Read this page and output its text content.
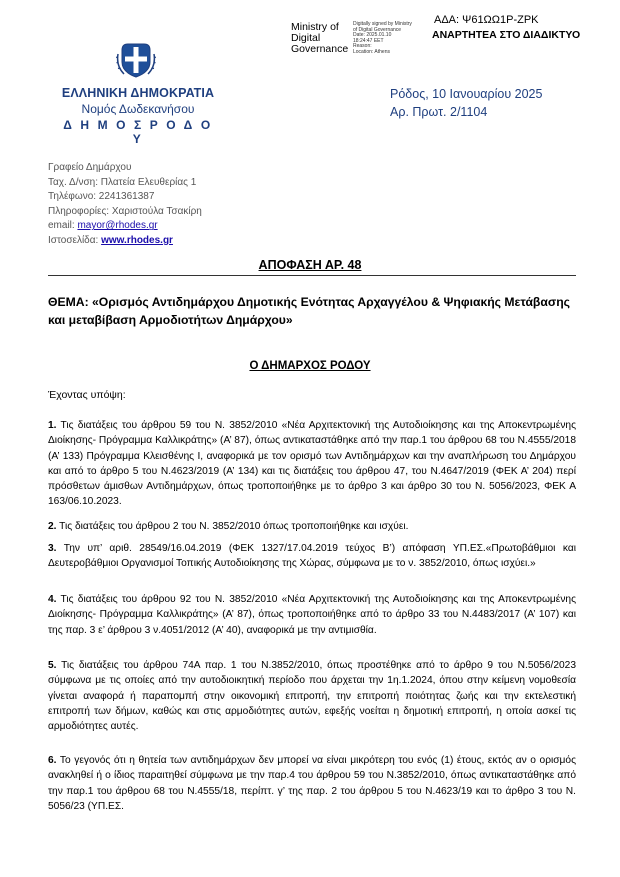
ΑΔΑ: Ψ61ΩΩ1Ρ-ΖΡΚ
Ministry of
Digital
Governance
Digitally signed by Ministry
of Digital Governance
Date: 2025.01.10
18:24:47 EET
Reason:
Location: Athens
ΑΝΑΡΤΗΤΕΑ ΣΤΟ ΔΙΑΔΙΚΤΥΟ
ΕΛΛΗΝΙΚΗ ΔΗΜΟΚΡΑΤΙΑ
Νομός Δωδεκανήσου
Δ Η Μ Ο Σ Ρ Ο Δ Ο Υ
Ρόδος, 10 Ιανουαρίου 2025
Αρ. Πρωτ. 2/1104
Γραφείο Δημάρχου
Ταχ. Δ/νση: Πλατεία Ελευθερίας 1
Τηλέφωνο: 2241361387
Πληροφορίες: Χαριστούλα Τσακίρη
email: mayor@rhodes.gr
Ιστοσελίδα: www.rhodes.gr
ΑΠΟΦΑΣΗ ΑΡ. 48
ΘΕΜΑ: «Ορισμός Αντιδημάρχου Δημοτικής Ενότητας Αρχαγγέλου & Ψηφιακής Μετάβασης και μεταβίβαση Αρμοδιοτήτων Δημάρχου»
Ο ΔΗΜΑΡΧΟΣ ΡΟΔΟΥ
Έχοντας υπόψη:
1. Τις διατάξεις του άρθρου 59 του Ν. 3852/2010 «Νέα Αρχιτεκτονική της Αυτοδιοίκησης και της Αποκεντρωμένης Διοίκησης- Πρόγραμμα Καλλικράτης» (Α’ 87), όπως αντικαταστάθηκε από την παρ.1 του άρθρου 68 του Ν.4555/2018 (Α’ 133) Πρόγραμμα Κλεισθένης Ι, αναφορικά με τον ορισμό των Αντιδημάρχων και την αναπλήρωση του Δημάρχου και από το άρθρο 5 του Ν.4623/2019 (Α’ 134) και τις διατάξεις του άρθρου 47, του Ν.4647/2019 (ΦΕΚ Α’ 204) περί πρόσθετων άμισθων Αντιδημάρχων, όπως τροποποιήθηκε με το άρθρο 3 και άρθρο 30 του Ν. 5056/2023, ΦΕΚ Α 163/06.10.2023.
2. Τις διατάξεις του άρθρου 2 του Ν. 3852/2010 όπως τροποποιήθηκε και ισχύει.
3. Την υπ’ αριθ. 28549/16.04.2019 (ΦΕΚ 1327/17.04.2019 τεύχος Β’) απόφαση ΥΠ.ΕΣ.«Πρωτοβάθμιοι και Δευτεροβάθμιοι Οργανισμοί Τοπικής Αυτοδιοίκησης της Χώρας, σύμφωνα με το ν. 3852/2010, όπως ισχύει.»
4. Τις διατάξεις του άρθρου 92 του Ν. 3852/2010 «Νέα Αρχιτεκτονική της Αυτοδιοίκησης και της Αποκεντρωμένης Διοίκησης- Πρόγραμμα Καλλικράτης» (Α’ 87), όπως τροποποιήθηκε από το άρθρο 33 του Ν.4483/2017 (Α’ 107) και της παρ. 3 ε’ άρθρου 3 ν.4051/2012 (Α’ 40), αναφορικά με την αντιμισθία.
5. Τις διατάξεις του άρθρου 74Α παρ. 1 του Ν.3852/2010, όπως προστέθηκε από το άρθρο 9 του Ν.5056/2023 σύμφωνα με τις οποίες από την αυτοδιοικητική περίοδο που άρχεται την 1η.1.2024, όπου στην κείμενη νομοθεσία γίνεται αναφορά ή παραπομπή στην οικονομική επιτροπή, την επιτροπή ποιότητας ζωής και την εκτελεστική επιτροπή των δήμων, καθώς και στις αρμοδιότητες αυτών, εφεξής νοείται η δημοτική επιτροπή, η οποία ασκεί τις αρμοδιότητες αυτές.
6. Το γεγονός ότι η θητεία των αντιδημάρχων δεν μπορεί να είναι μικρότερη του ενός (1) έτους, εκτός αν ο ορισμός ανακληθεί ή ο ίδιος παραιτηθεί σύμφωνα με την παρ.4 του άρθρου 59 του Ν.3852/2010, όπως αντικαταστάθηκε από την παρ.1 του άρθρου 68 του Ν.4555/18, περίπτ. γ’ της παρ. 2 του άρθρου 5 του Ν.4623/19 και το άρθρο 3 του Ν. 5056/23 (ΥΠ.ΕΣ.
